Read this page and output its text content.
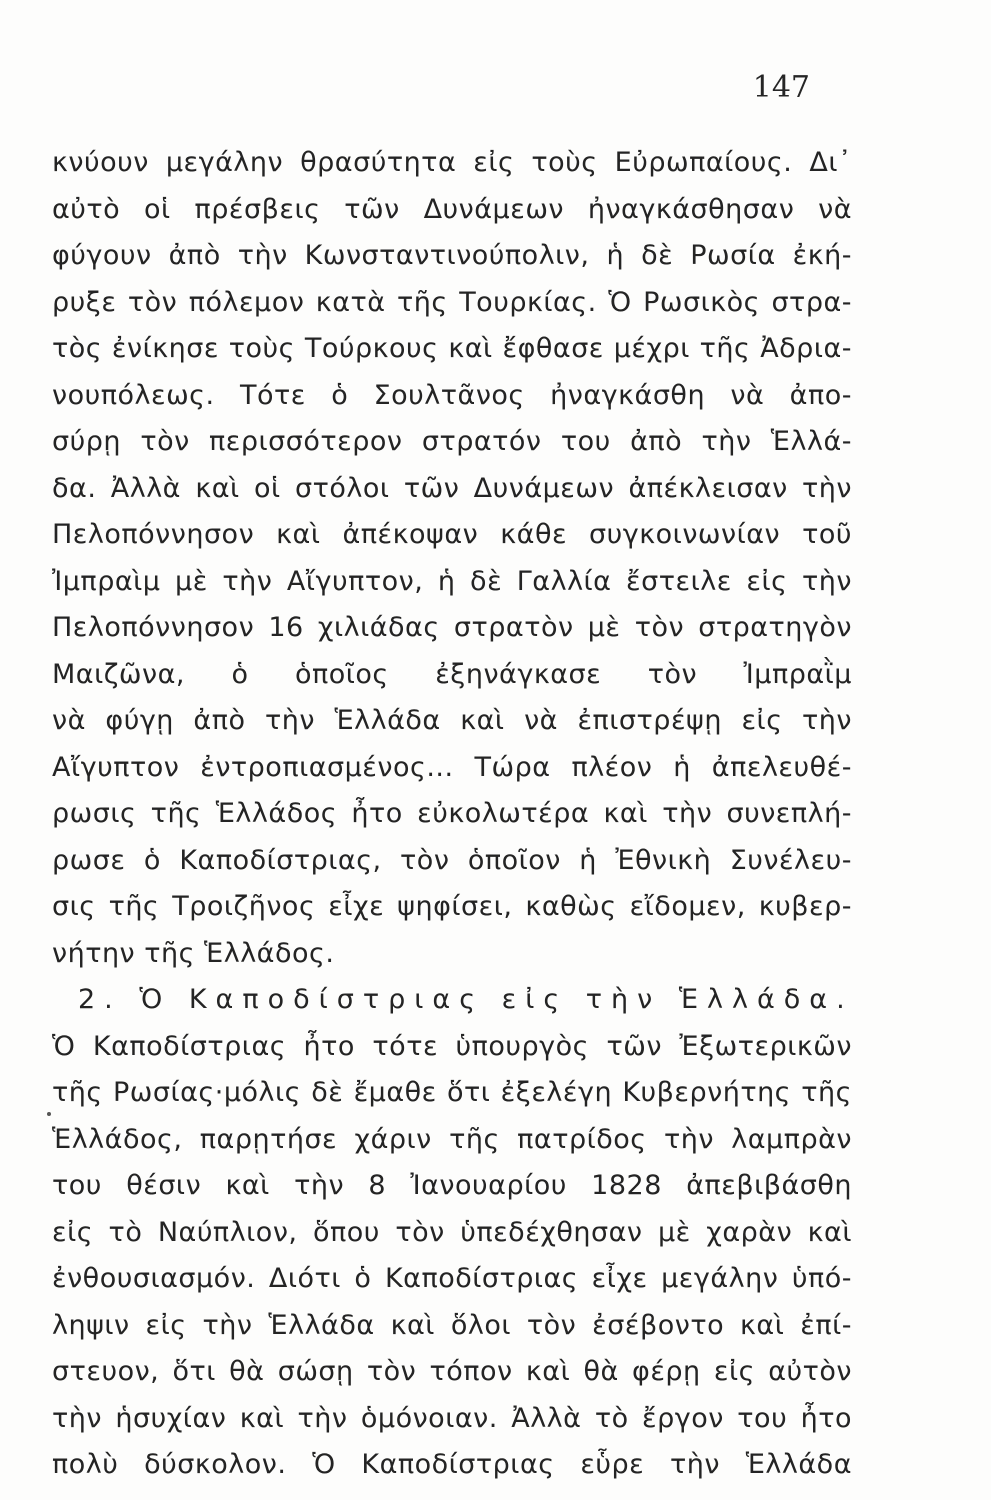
147
κνύουν μεγάλην θρασύτητα εἰς τοὺς Εὐρωπαίους. Δι᾽
αὐτὸ οἱ πρέσβεις τῶν Δυνάμεων ἠναγκάσθησαν νὰ
φύγουν ἀπὸ τὴν Κωνσταντινούπολιν, ἡ δὲ Ρωσία ἐκή-
ρυξε τὸν πόλεμον κατὰ τῆς Τουρκίας. Ὁ Ρωσικὸς στρα-
τὸς ἐνίκησε τοὺς Τούρκους καὶ ἔφθασε μέχρι τῆς Ἀδρια-
νουπόλεως. Τότε ὁ Σουλτᾶνος ἠναγκάσθη νὰ ἀπο-
σύρῃ τὸν περισσότερον στρατόν του ἀπὸ τὴν Ἑλλά-
δα. Ἀλλὰ καὶ οἱ στόλοι τῶν Δυνάμεων ἀπέκλεισαν τὴν
Πελοπόννησον καὶ ἀπέκοψαν κάθε συγκοινωνίαν τοῦ
Ἰμπραὶμ μὲ τὴν Αἴγυπτον, ἡ δὲ Γαλλία ἔστειλε εἰς τὴν
Πελοπόννησον 16 χιλιάδας στρατὸν μὲ τὸν στρατηγὸν
Μαιζῶνα, ὁ ὁποῖος ἐξηνάγκασε τὸν Ἰμπραῒμ
νὰ φύγῃ ἀπὸ τὴν Ἑλλάδα καὶ νὰ ἐπιστρέψῃ εἰς τὴν
Αἴγυπτον ἐντροπιασμένος... Τώρα πλέον ἡ ἀπελευθέ-
ρωσις τῆς Ἑλλάδος ἦτο εὐκολωτέρα καὶ τὴν συνεπλή-
ρωσε ὁ Καποδίστριας, τὸν ὁποῖον ἡ Ἐθνικὴ Συνέλευ-
σις τῆς Τροιζῆνος εἶχε ψηφίσει, καθὼς εἴδομεν, κυβερ-
νήτην τῆς Ἑλλάδος.
2. Ὁ Καποδίστριας εἰς τὴν Ἑλλάδα.
Ὁ Καποδίστριας ἦτο τότε ὑπουργὸς τῶν Ἐξωτερικῶν
τῆς Ρωσίας·μόλις δὲ ἔμαθε ὅτι ἐξελέγη Κυβερνήτης τῆς
Ἑλλάδος, παρῃτήσε χάριν τῆς πατρίδος τὴν λαμπρὰν
του θέσιν καὶ τὴν 8 Ἰανουαρίου 1828 ἀπεβιβάσθη
εἰς τὸ Ναύπλιον, ὅπου τὸν ὑπεδέχθησαν μὲ χαρὰν καὶ
ἐνθουσιασμόν. Διότι ὁ Καποδίστριας εἶχε μεγάλην ὑπό-
ληψιν εἰς τὴν Ἑλλάδα καὶ ὅλοι τὸν ἐσέβοντο καὶ ἐπί-
στευον, ὅτι θὰ σώσῃ τὸν τόπον καὶ θὰ φέρῃ εἰς αὐτὸν
τὴν ἡσυχίαν καὶ τὴν ὁμόνοιαν. Ἀλλὰ τὸ ἔργον του ἦτο
πολὺ δύσκολον. Ὁ Καποδίστριας εὗρε τὴν Ἑλλάδα
